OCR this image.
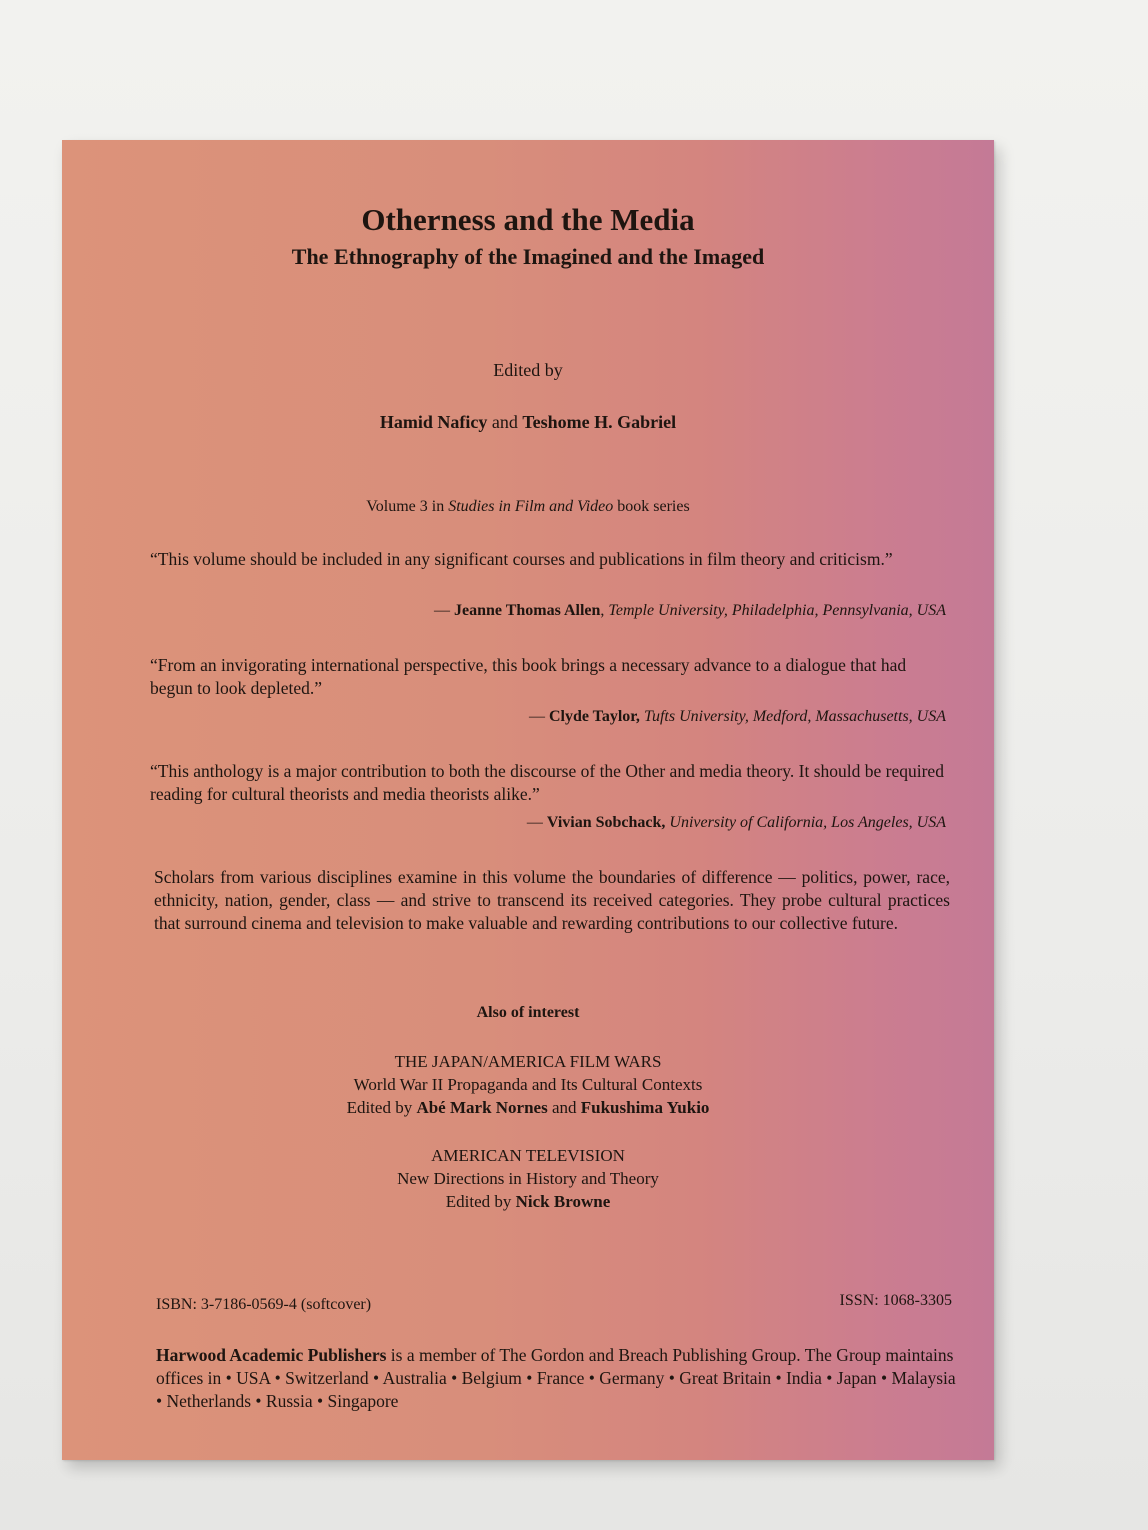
Otherness and the Media
The Ethnography of the Imagined and the Imaged
Edited by
Hamid Naficy and Teshome H. Gabriel
Volume 3 in Studies in Film and Video book series
“This volume should be included in any significant courses and publications in film theory and criticism.”
— Jeanne Thomas Allen, Temple University, Philadelphia, Pennsylvania, USA
“From an invigorating international perspective, this book brings a necessary advance to a dialogue that had begun to look depleted.”
— Clyde Taylor, Tufts University, Medford, Massachusetts, USA
“This anthology is a major contribution to both the discourse of the Other and media theory. It should be required reading for cultural theorists and media theorists alike.”
— Vivian Sobchack, University of California, Los Angeles, USA
Scholars from various disciplines examine in this volume the boundaries of difference — politics, power, race, ethnicity, nation, gender, class — and strive to transcend its received categories. They probe cultural practices that surround cinema and television to make valuable and rewarding contributions to our collective future.
Also of interest
THE JAPAN/AMERICA FILM WARS
World War II Propaganda and Its Cultural Contexts
Edited by Abé Mark Nornes and Fukushima Yukio
AMERICAN TELEVISION
New Directions in History and Theory
Edited by Nick Browne
ISBN: 3-7186-0569-4 (softcover)	ISSN: 1068-3305
Harwood Academic Publishers is a member of The Gordon and Breach Publishing Group. The Group maintains offices in • USA • Switzerland • Australia • Belgium • France • Germany • Great Britain • India • Japan • Malaysia • Netherlands • Russia • Singapore
